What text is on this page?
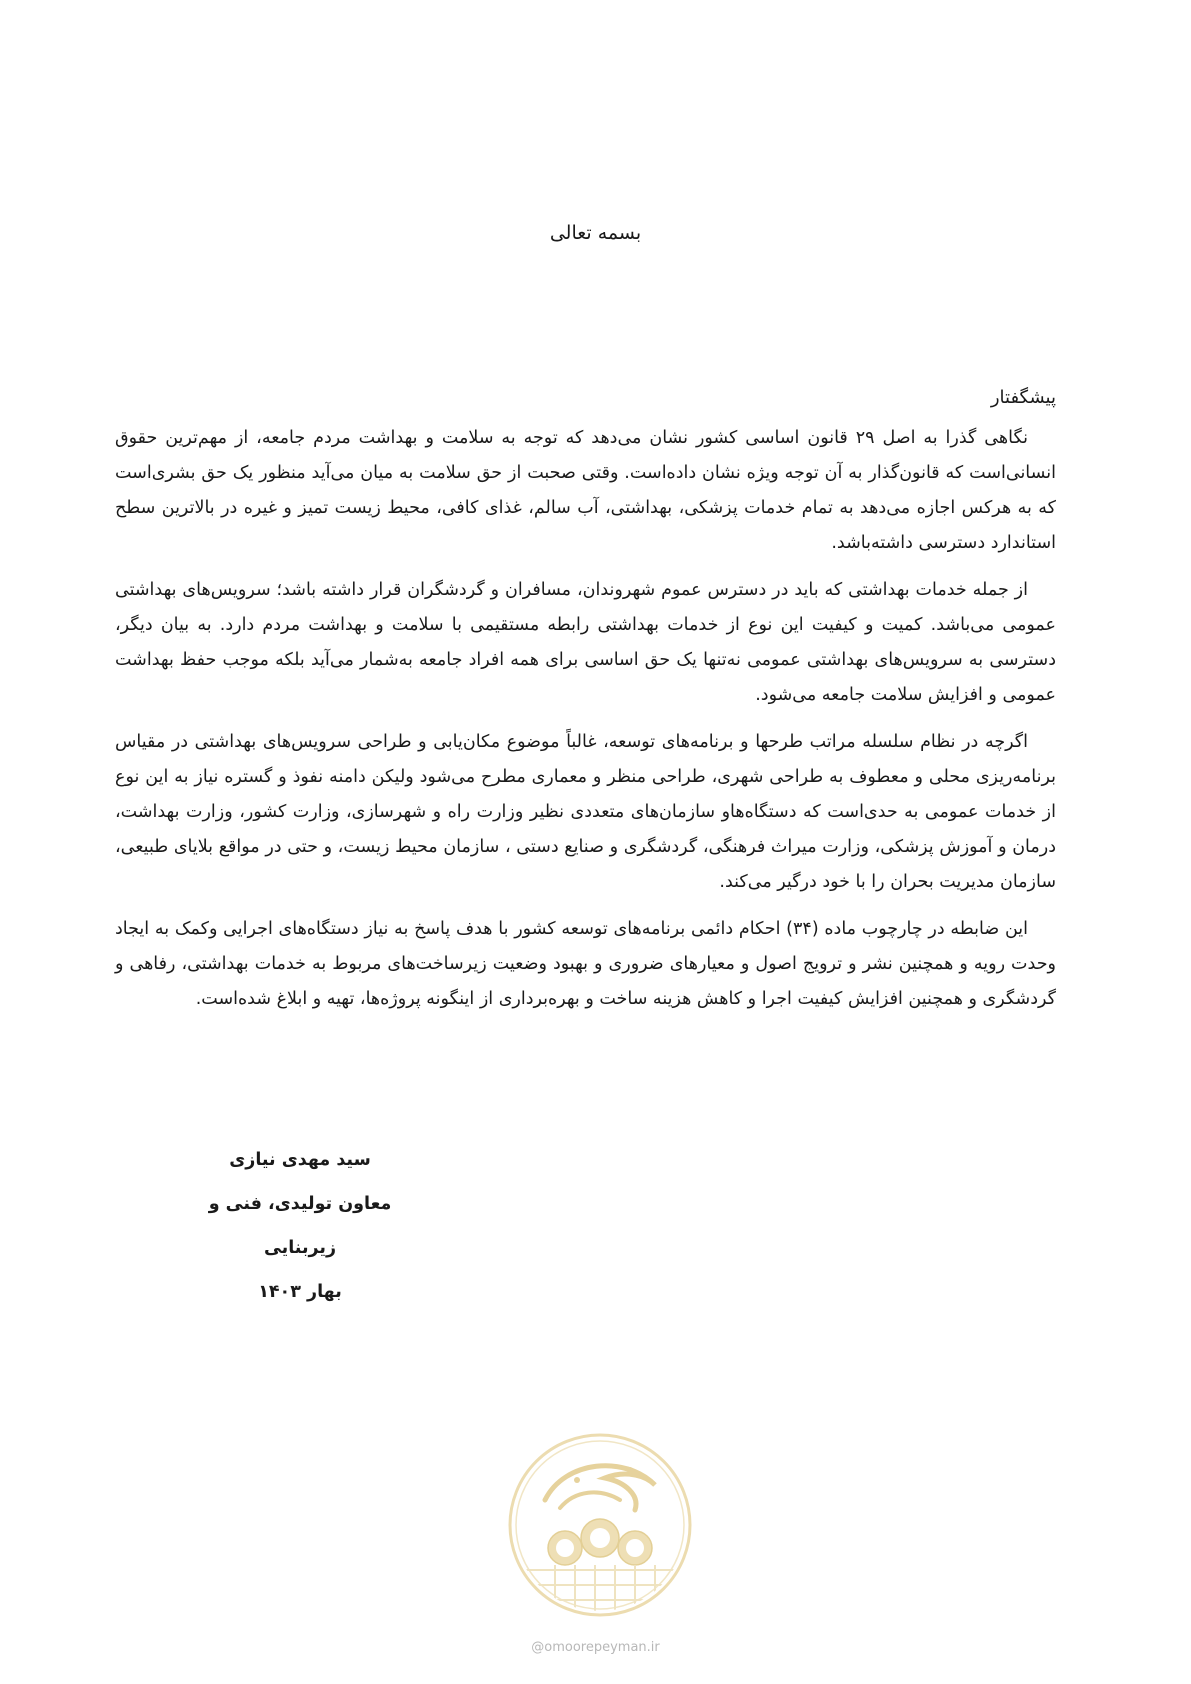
بسمه تعالی
پیشگفتار

نگاهی گذرا به اصل ۲۹ قانون اساسی کشور نشان می‌دهد که توجه به سلامت و بهداشت مردم جامعه، از مهم‌ترین حقوق انسانی‌است که قانون‌گذار به آن توجه ویژه نشان داده‌است. وقتی صحبت از حق سلامت به میان می‌آید منظور یک حق بشری‌است که به هرکس اجازه می‌دهد به تمام خدمات پزشکی، بهداشتی، آب سالم، غذای کافی، محیط زیست تمیز و غیره در بالاترین سطح استاندارد دسترسی داشته‌باشد.

از جمله خدمات بهداشتی که باید در دسترس عموم شهروندان، مسافران و گردشگران قرار داشته باشد؛ سرویس‌های بهداشتی عمومی می‌باشد. کمیت و کیفیت این نوع از خدمات بهداشتی رابطه مستقیمی با سلامت و بهداشت مردم دارد. به بیان دیگر، دسترسی به سرویس‌های بهداشتی عمومی نه‌تنها یک حق اساسی برای همه افراد جامعه به‌شمار می‌آید بلکه موجب حفظ بهداشت عمومی و افزایش سلامت جامعه می‌شود.

اگرچه در نظام سلسله مراتب طرحها و برنامه‌های توسعه، غالباً موضوع مکان‌یابی و طراحی سرویس‌های بهداشتی در مقیاس برنامه‌ریزی محلی و معطوف به طراحی شهری، طراحی منظر و معماری مطرح می‌شود ولیکن دامنه نفوذ و گستره نیاز به این نوع از خدمات عمومی به حدی‌است که دستگاه‌هاو سازمان‌های متعددی نظیر وزارت راه و شهرسازی، وزارت کشور، وزارت بهداشت، درمان و آموزش پزشکی، وزارت میراث فرهنگی، گردشگری و صنایع دستی ، سازمان محیط زیست، و حتی در مواقع بلایای طبیعی، سازمان مدیریت بحران را با خود درگیر می‌کند.

این ضابطه در چارچوب ماده (۳۴) احکام دائمی برنامه‌های توسعه کشور با هدف پاسخ به نیاز دستگاه‌های اجرایی وکمک به ایجاد وحدت رویه و همچنین نشر و ترویج اصول و معیارهای ضروری و بهبود وضعیت زیرساخت‌های مربوط به خدمات بهداشتی، رفاهی و گردشگری و همچنین افزایش کیفیت اجرا و کاهش هزینه ساخت و بهره‌برداری از اینگونه پروژه‌ها، تهیه و ابلاغ شده‌است.

سید مهدی نیازی
معاون تولیدی، فنی و زیربنایی
بهار ۱۴۰۳
@omoorepeyman.ir
